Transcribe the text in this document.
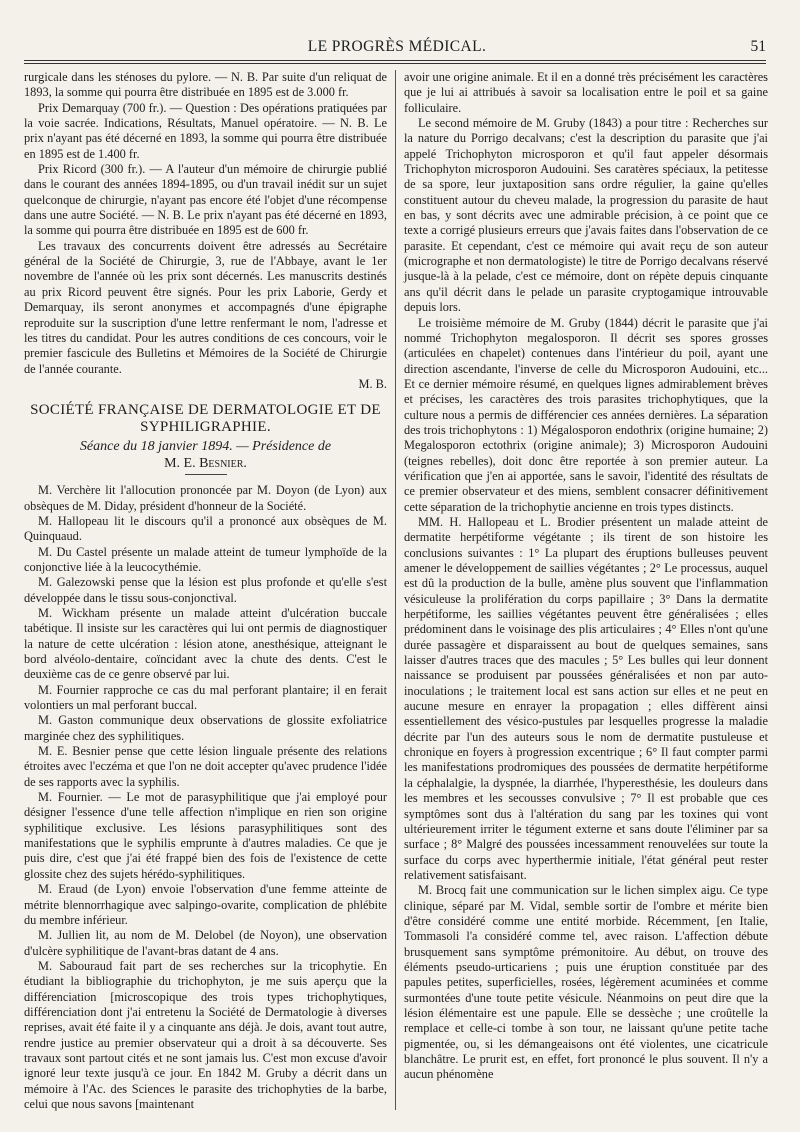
LE PROGRÈS MÉDICAL.	51

rurgicale dans les sténoses du pylore. — N. B. Par suite d'un reliquat de 1893, la somme qui pourra être distribuée en 1895 est de 3.000 fr.

Prix Demarquay (700 fr.). — Question : Des opérations pratiquées par la voie sacrée. Indications, Résultats, Manuel opératoire. — N. B. Le prix n'ayant pas été décerné en 1893, la somme qui pourra être distribuée en 1895 est de 1.400 fr.

Prix Ricord (300 fr.). — A l'auteur d'un mémoire de chirurgie publié dans le courant des années 1894-1895, ou d'un travail inédit sur un sujet quelconque de chirurgie, n'ayant pas encore été l'objet d'une récompense dans une autre Société. — N. B. Le prix n'ayant pas été décerné en 1893, la somme qui pourra être distribuée en 1895 est de 600 fr.

Les travaux des concurrents doivent être adressés au Secrétaire général de la Société de Chirurgie, 3, rue de l'Abbaye, avant le 1er novembre de l'année où les prix sont décernés. Les manuscrits destinés au prix Ricord peuvent être signés. Pour les prix Laborie, Gerdy et Demarquay, ils seront anonymes et accompagnés d'une épigraphe reproduite sur la suscription d'une lettre renfermant le nom, l'adresse et les titres du candidat. Pour les autres conditions de ces concours, voir le premier fascicule des Bulletins et Mémoires de la Société de Chirurgie de l'année courante.

M. B.

SOCIÉTÉ FRANÇAISE DE DERMATOLOGIE ET DE
SYPHILIGRAPHIE.
Séance du 18 janvier 1894. — Présidence de
M. E. Besnier.

M. Verchère lit l'allocution prononcée par M. Doyon (de Lyon) aux obsèques de M. Diday, président d'honneur de la Société.

M. Hallopeau lit le discours qu'il a prononcé aux obsèques de M. Quinquaud.

M. Du Castel présente un malade atteint de tumeur lymphoïde de la conjonctive liée à la leucocythémie.

M. Galezowski pense que la lésion est plus profonde et qu'elle s'est développée dans le tissu sous-conjonctival.

M. Wickham présente un malade atteint d'ulcération buccale tabétique. Il insiste sur les caractères qui lui ont permis de diagnostiquer la nature de cette ulcération : lésion atone, anesthésique, atteignant le bord alvéolo-dentaire, coïncidant avec la chute des dents. C'est le deuxième cas de ce genre observé par lui.

M. Fournier rapproche ce cas du mal perforant plantaire; il en ferait volontiers un mal perforant buccal.

M. Gaston communique deux observations de glossite exfoliatrice marginée chez des syphilitiques.

M. E. Besnier pense que cette lésion linguale présente des relations étroites avec l'eczéma et que l'on ne doit accepter qu'avec prudence l'idée de ses rapports avec la syphilis.

M. Fournier. — Le mot de parasyphilitique que j'ai employé pour désigner l'essence d'une telle affection n'implique en rien son origine syphilitique exclusive. Les lésions parasyphilitiques sont des manifestations que le syphilis emprunte à d'autres maladies. Ce que je puis dire, c'est que j'ai été frappé bien des fois de l'existence de cette glossite chez des sujets hérédo-syphilitiques.

M. Eraud (de Lyon) envoie l'observation d'une femme atteinte de métrite blennorrhagique avec salpingo-ovarite, complication de phlébite du membre inférieur.

M. Jullien lit, au nom de M. Delobel (de Noyon), une observation d'ulcère syphilitique de l'avant-bras datant de 4 ans.

M. Sabouraud fait part de ses recherches sur la tricophytie. En étudiant la bibliographie du trichophyton, je me suis aperçu que la différenciation [microscopique des trois types trichophytiques, différenciation dont j'ai entretenu la Société de Dermatologie à diverses reprises, avait été faite il y a cinquante ans déjà. Je dois, avant tout autre, rendre justice au premier observateur qui a droit à sa découverte. Ses travaux sont partout cités et ne sont jamais lus. C'est mon excuse d'avoir ignoré leur texte jusqu'à ce jour. En 1842 M. Gruby a décrit dans un mémoire à l'Ac. des Sciences le parasite des trichophyties de la barbe, celui que nous savons [maintenant

avoir une origine animale. Et il en a donné très précisément les caractères que je lui ai attribués à savoir sa localisation entre le poil et sa gaine folliculaire.

Le second mémoire de M. Gruby (1843) a pour titre : Recherches sur la nature du Porrigo decalvans; c'est la description du parasite que j'ai appelé Trichophyton microsporon et qu'il faut appeler désormais Trichophyton microsporon Audouini. Ses caratères spéciaux, la petitesse de sa spore, leur juxtaposition sans ordre régulier, la gaine qu'elles constituent autour du cheveu malade, la progression du parasite de haut en bas, y sont décrits avec une admirable précision, à ce point que ce texte a corrigé plusieurs erreurs que j'avais faites dans l'observation de ce parasite. Et cependant, c'est ce mémoire qui avait reçu de son auteur (micrographe et non dermatologiste) le titre de Porrigo decalvans réservé jusque-là à la pelade, c'est ce mémoire, dont on répète depuis cinquante ans qu'il décrit dans le pelade un parasite cryptogamique introuvable depuis lors.

Le troisième mémoire de M. Gruby (1844) décrit le parasite que j'ai nommé Trichophyton megalosporon. Il décrit ses spores grosses (articulées en chapelet) contenues dans l'intérieur du poil, ayant une direction ascendante, l'inverse de celle du Microsporon Audouini, etc... Et ce dernier mémoire résumé, en quelques lignes admirablement brèves et précises, les caractères des trois parasites trichophytiques, que la culture nous a permis de différencier ces années dernières. La séparation des trois trichophytons : 1) Mégalosporon endothrix (origine humaine; 2) Megalosporon ectothrix (origine animale); 3) Microsporon Audouini (teignes rebelles), doit donc être reportée à son premier auteur. La vérification que j'en ai apportée, sans le savoir, l'identité des résultats de ce premier observateur et des miens, semblent consacrer définitivement cette séparation de la trichophytie ancienne en trois types distincts.

MM. H. Hallopeau et L. Brodier présentent un malade atteint de dermatite herpétiforme végétante ; ils tirent de son histoire les conclusions suivantes : 1° La plupart des éruptions bulleuses peuvent amener le développement de saillies végétantes ; 2° Le processus, auquel est dû la production de la bulle, amène plus souvent que l'inflammation vésiculeuse la prolifération du corps papillaire ; 3° Dans la dermatite herpétiforme, les saillies végétantes peuvent être généralisées ; elles prédominent dans le voisinage des plis articulaires ; 4° Elles n'ont qu'une durée passagère et disparaissent au bout de quelques semaines, sans laisser d'autres traces que des macules ; 5° Les bulles qui leur donnent naissance se produisent par poussées généralisées et non par auto-inoculations ; le traitement local est sans action sur elles et ne peut en aucune mesure en enrayer la propagation ; elles diffèrent ainsi essentiellement des vésico-pustules par lesquelles progresse la maladie décrite par l'un des auteurs sous le nom de dermatite pustuleuse et chronique en foyers à progression excentrique ; 6° Il faut compter parmi les manifestations prodromiques des poussées de dermatite herpétiforme la céphalalgie, la dyspnée, la diarrhée, l'hyperesthésie, les douleurs dans les membres et les secousses convulsive ; 7° Il est probable que ces symptômes sont dus à l'altération du sang par les toxines qui vont ultérieurement irriter le tégument externe et sans doute l'éliminer par sa surface ; 8° Malgré des poussées incessamment renouvelées sur toute la surface du corps avec hyperthermie initiale, l'état général peut rester relativement satisfaisant.

M. Brocq fait une communication sur le lichen simplex aigu. Ce type clinique, séparé par M. Vidal, semble sortir de l'ombre et mérite bien d'être considéré comme une entité morbide. Récemment, [en Italie, Tommasoli l'a considéré comme tel, avec raison. L'affection débute brusquement sans symptôme prémonitoire. Au début, on trouve des éléments pseudo-urticariens ; puis une éruption constituée par des papules petites, superficielles, rosées, légèrement acuminées et comme surmontées d'une toute petite vésicule. Néanmoins on peut dire que la lésion élémentaire est une papule. Elle se dessèche ; une croûtelle la remplace et celle-ci tombe à son tour, ne laissant qu'une petite tache pigmentée, ou, si les démangeaisons ont été violentes, une cicatricule blanchâtre. Le prurit est, en effet, fort prononcé le plus souvent. Il n'y a aucun phénomène
